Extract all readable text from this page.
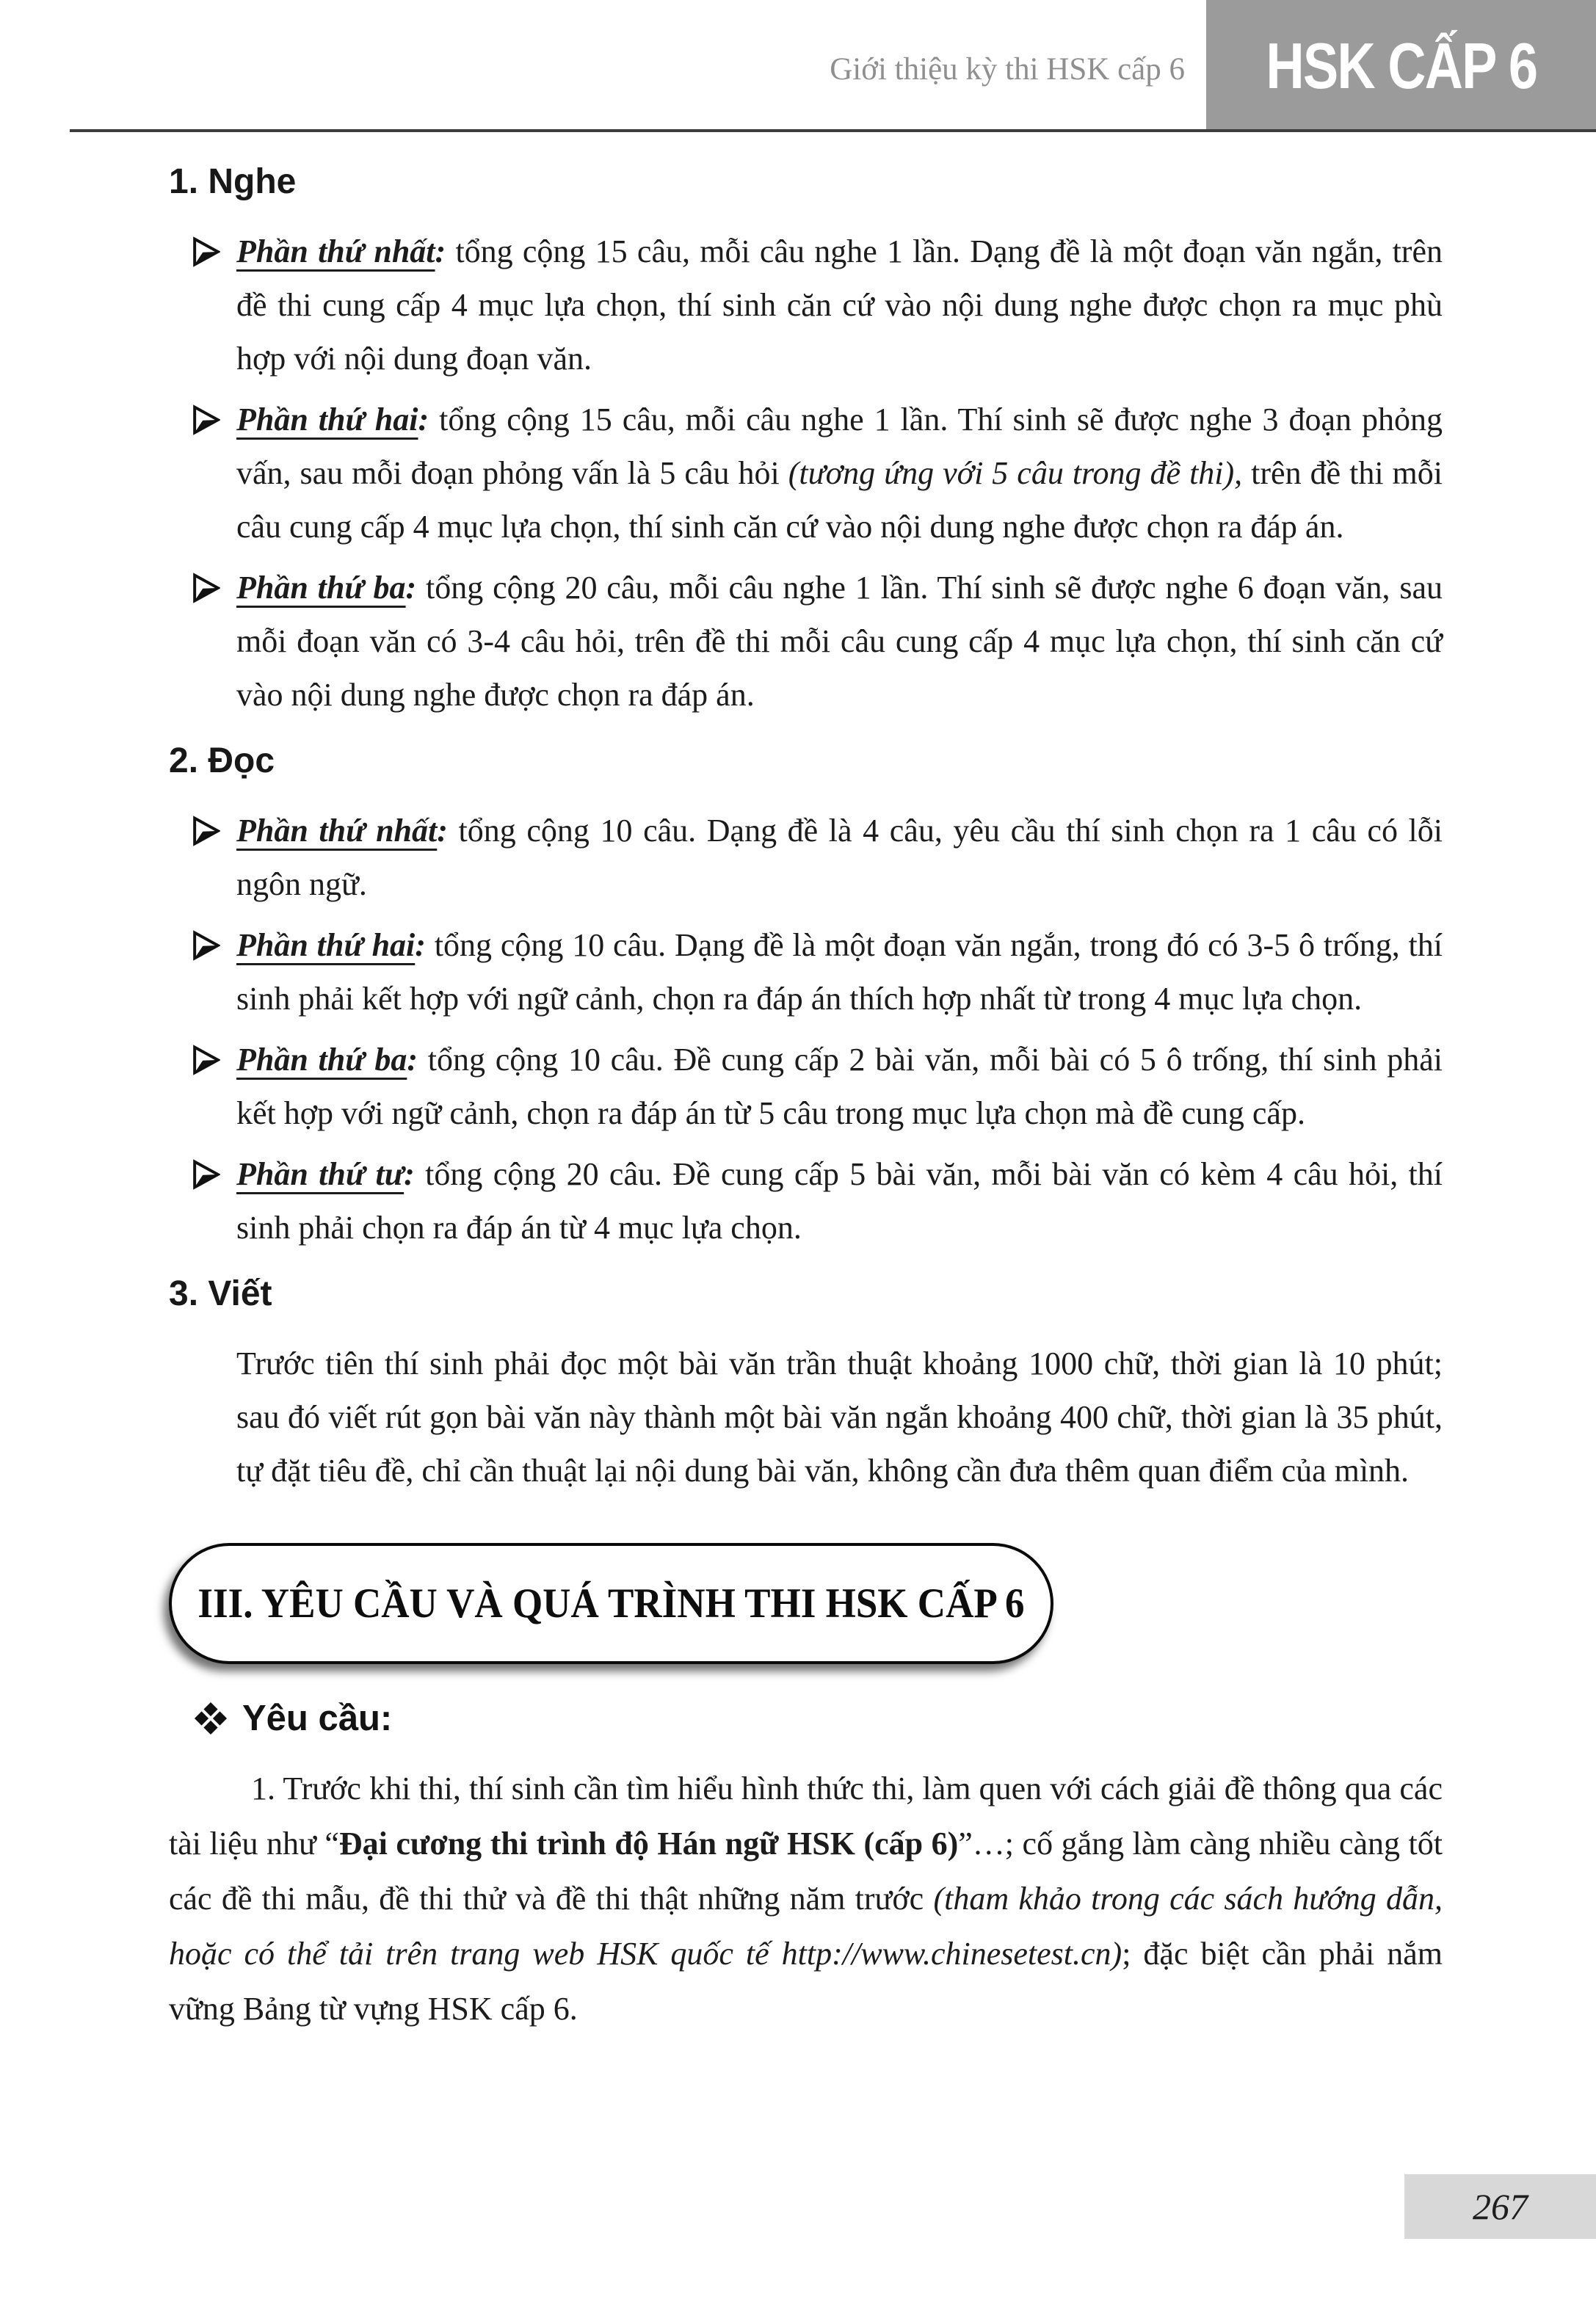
HSK CẤP 6
Giới thiệu kỳ thi HSK cấp 6
1. Nghe
Phần thứ nhất: tổng cộng 15 câu, mỗi câu nghe 1 lần. Dạng đề là một đoạn văn ngắn, trên đề thi cung cấp 4 mục lựa chọn, thí sinh căn cứ vào nội dung nghe được chọn ra mục phù hợp với nội dung đoạn văn.
Phần thứ hai: tổng cộng 15 câu, mỗi câu nghe 1 lần. Thí sinh sẽ được nghe 3 đoạn phỏng vấn, sau mỗi đoạn phỏng vấn là 5 câu hỏi (tương ứng với 5 câu trong đề thi), trên đề thi mỗi câu cung cấp 4 mục lựa chọn, thí sinh căn cứ vào nội dung nghe được chọn ra đáp án.
Phần thứ ba: tổng cộng 20 câu, mỗi câu nghe 1 lần. Thí sinh sẽ được nghe 6 đoạn văn, sau mỗi đoạn văn có 3-4 câu hỏi, trên đề thi mỗi câu cung cấp 4 mục lựa chọn, thí sinh căn cứ vào nội dung nghe được chọn ra đáp án.
2. Đọc
Phần thứ nhất: tổng cộng 10 câu. Dạng đề là 4 câu, yêu cầu thí sinh chọn ra 1 câu có lỗi ngôn ngữ.
Phần thứ hai: tổng cộng 10 câu. Dạng đề là một đoạn văn ngắn, trong đó có 3-5 ô trống, thí sinh phải kết hợp với ngữ cảnh, chọn ra đáp án thích hợp nhất từ trong 4 mục lựa chọn.
Phần thứ ba: tổng cộng 10 câu. Đề cung cấp 2 bài văn, mỗi bài có 5 ô trống, thí sinh phải kết hợp với ngữ cảnh, chọn ra đáp án từ 5 câu trong mục lựa chọn mà đề cung cấp.
Phần thứ tư: tổng cộng 20 câu. Đề cung cấp 5 bài văn, mỗi bài văn có kèm 4 câu hỏi, thí sinh phải chọn ra đáp án từ 4 mục lựa chọn.
3. Viết

Trước tiên thí sinh phải đọc một bài văn trần thuật khoảng 1000 chữ, thời gian là 10 phút; sau đó viết rút gọn bài văn này thành một bài văn ngắn khoảng 400 chữ, thời gian là 35 phút, tự đặt tiêu đề, chỉ cần thuật lại nội dung bài văn, không cần đưa thêm quan điểm của mình.

III. YÊU CẦU VÀ QUÁ TRÌNH THI HSK CẤP 6
Yêu cầu:

1. Trước khi thi, thí sinh cần tìm hiểu hình thức thi, làm quen với cách giải đề thông qua các tài liệu như “Đại cương thi trình độ Hán ngữ HSK (cấp 6)”…; cố gắng làm càng nhiều càng tốt các đề thi mẫu, đề thi thử và đề thi thật những năm trước (tham khảo trong các sách hướng dẫn, hoặc có thể tải trên trang web HSK quốc tế http://www.chinesetest.cn); đặc biệt cần phải nắm vững Bảng từ vựng HSK cấp 6.

267
